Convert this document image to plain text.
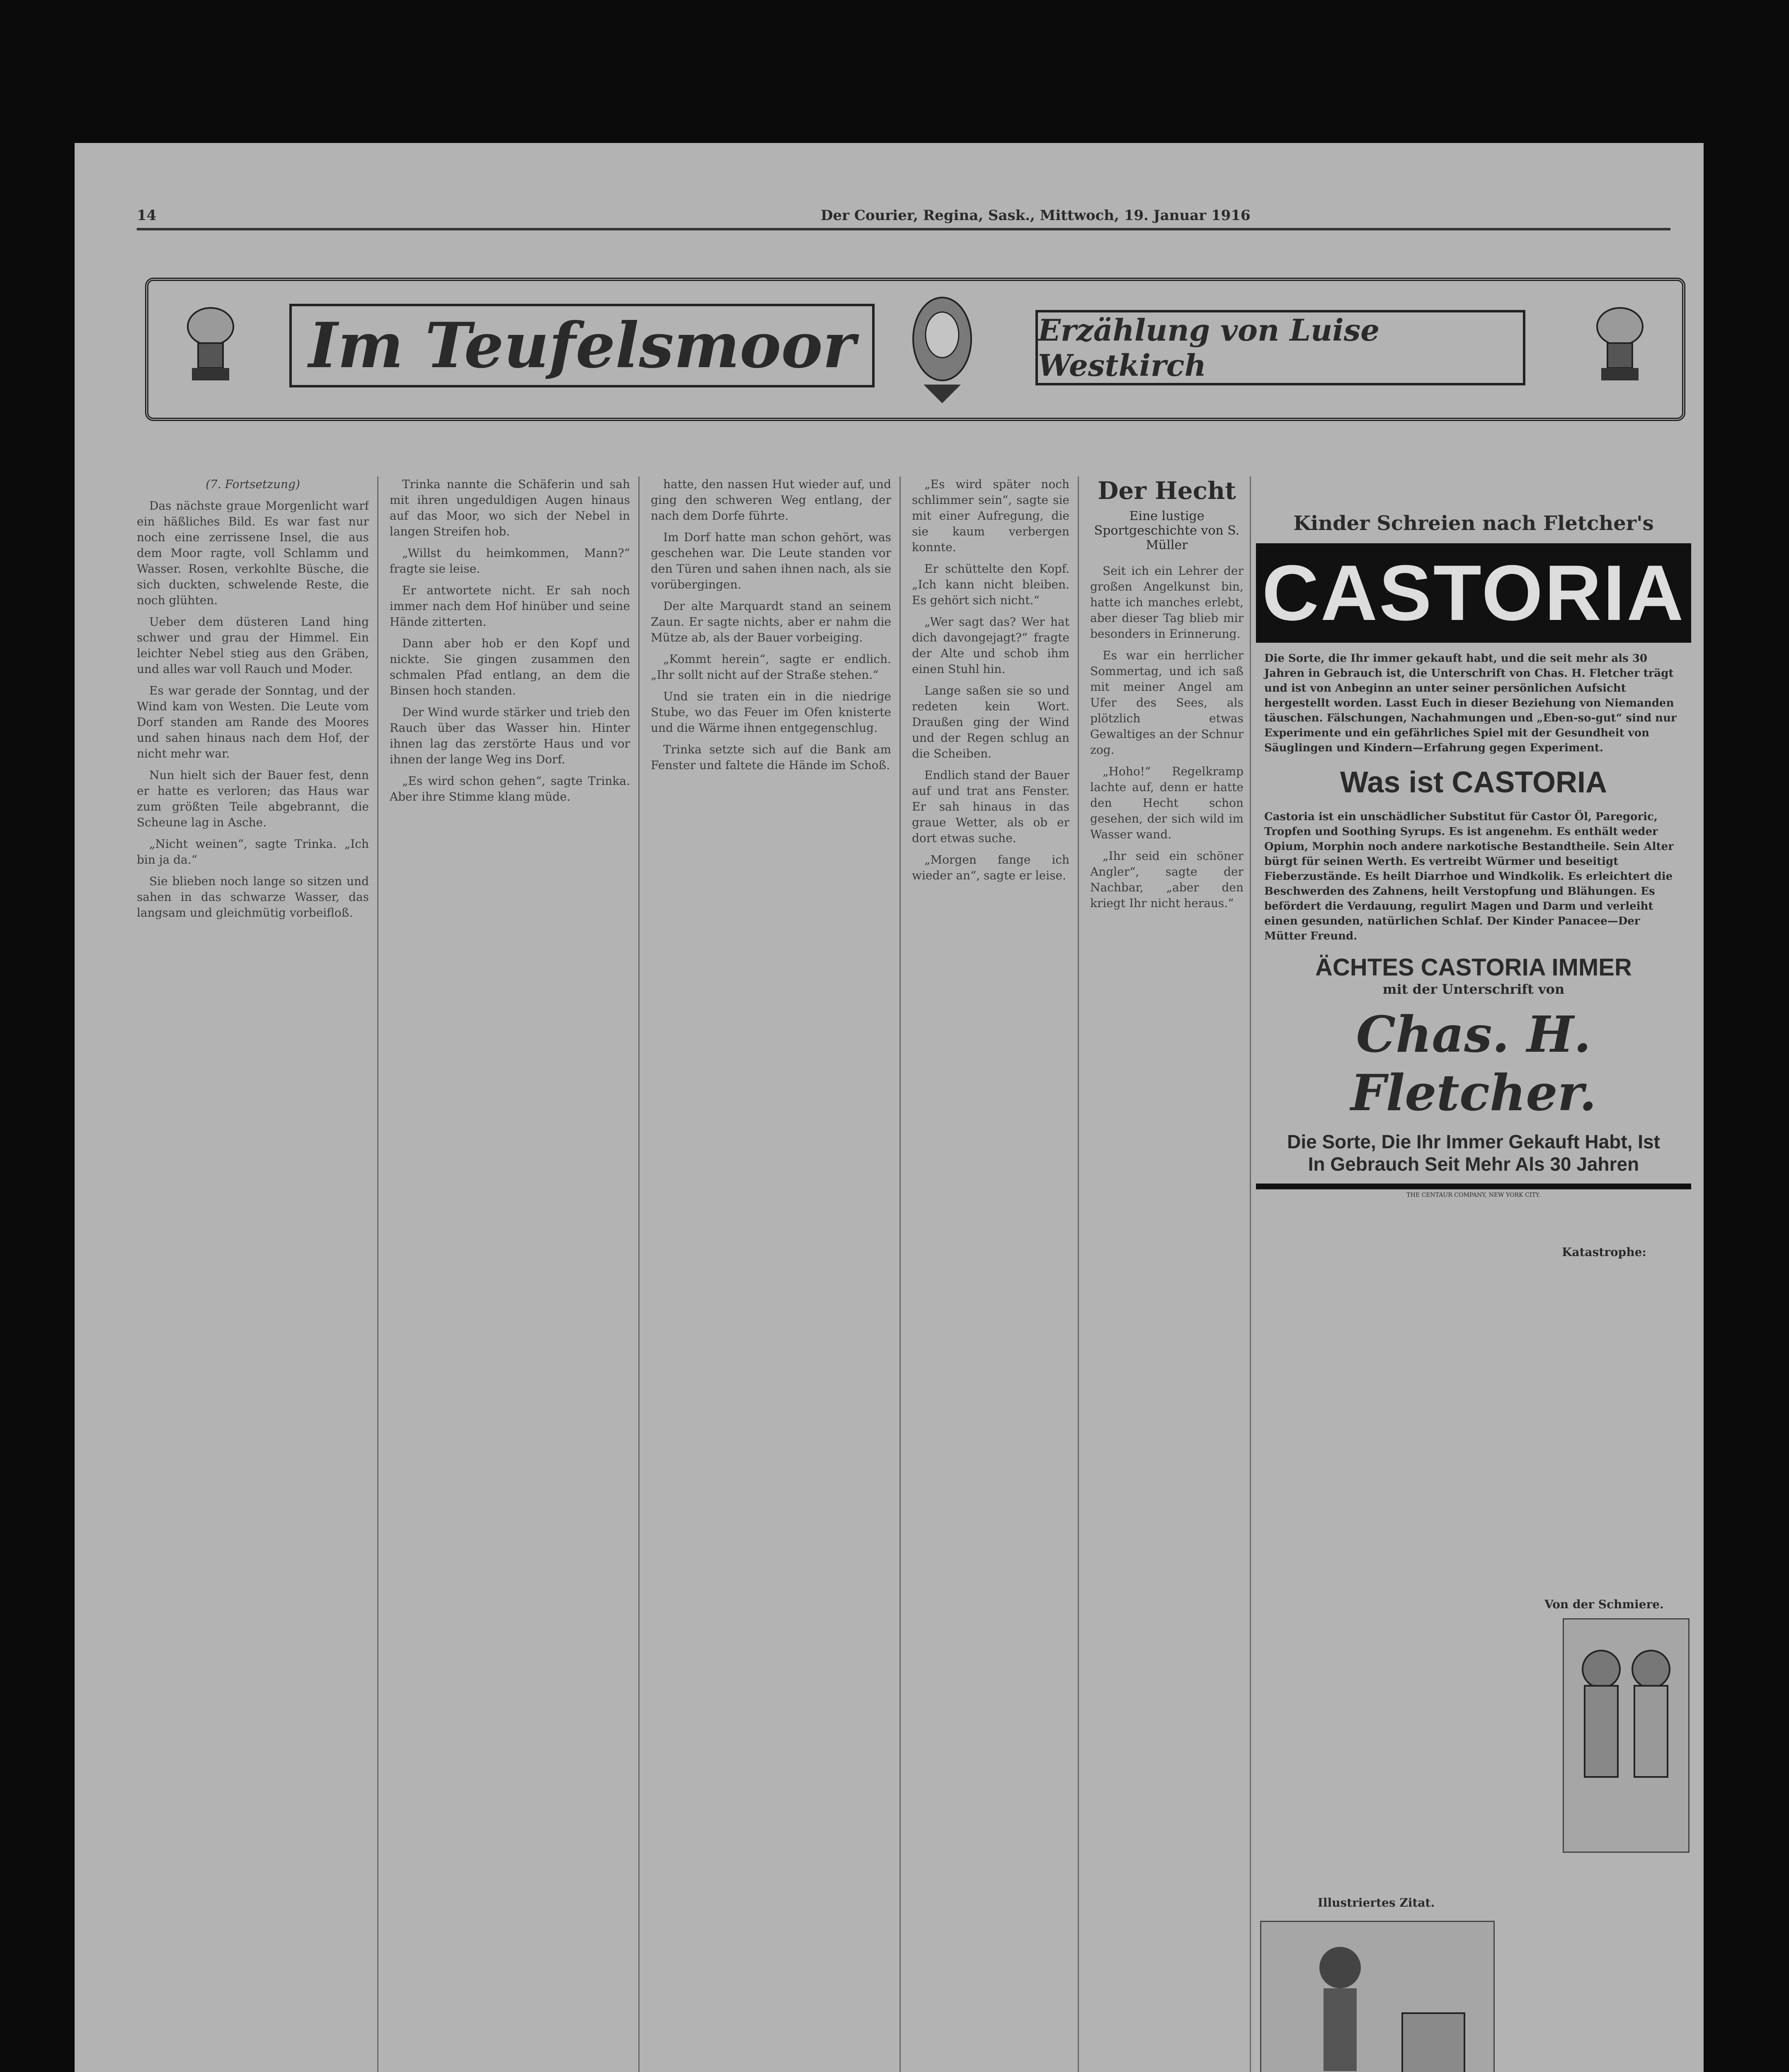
14	Der Courier, Regina, Sask., Mittwoch, 19. Januar 1916
Im Teufelsmoor	Erzählung von Luise Westkirch

(7. Fortsetzung)

Das nächste graue Morgenlicht warf ein häßliches Bild. Es war fast nur noch eine zerrissene Insel, die aus dem Moor ragte, voll Schlamm und Wasser. Rosen, verkohlte Büsche, die sich duckten, schwelende Reste, die noch glühten.

Ueber dem düsteren Land hing schwer und grau der Himmel. Ein leichter Nebel stieg aus den Gräben, und alles war voll Rauch und Moder.

Es war gerade der Sonntag, und der Wind kam von Westen. Die Leute vom Dorf standen am Rande des Moores und sahen hinaus nach dem Hof, der nicht mehr war.

Nun hielt sich der Bauer fest, denn er hatte es verloren; das Haus war zum größten Teile abgebrannt, die Scheune lag in Asche.

„Nicht weinen“, sagte Trinka. „Ich bin ja da.“

Sie blieben noch lange so sitzen und sahen in das schwarze Wasser, das langsam und gleichmütig vorbeifloß.

Trinka nannte die Schäferin und sah mit ihren ungeduldigen Augen hinaus auf das Moor, wo sich der Nebel in langen Streifen hob.

„Willst du heimkommen, Mann?“ fragte sie leise.

Er antwortete nicht. Er sah noch immer nach dem Hof hinüber und seine Hände zitterten.

Dann aber hob er den Kopf und nickte. Sie gingen zusammen den schmalen Pfad entlang, an dem die Binsen hoch standen.

Der Wind wurde stärker und trieb den Rauch über das Wasser hin. Hinter ihnen lag das zerstörte Haus und vor ihnen der lange Weg ins Dorf.

„Es wird schon gehen“, sagte Trinka. Aber ihre Stimme klang müde.

hatte, den nassen Hut wieder auf, und ging den schweren Weg entlang, der nach dem Dorfe führte.

Im Dorf hatte man schon gehört, was geschehen war. Die Leute standen vor den Türen und sahen ihnen nach, als sie vorübergingen.

Der alte Marquardt stand an seinem Zaun. Er sagte nichts, aber er nahm die Mütze ab, als der Bauer vorbeiging.

„Kommt herein“, sagte er endlich. „Ihr sollt nicht auf der Straße stehen.“

Und sie traten ein in die niedrige Stube, wo das Feuer im Ofen knisterte und die Wärme ihnen entgegenschlug.

Trinka setzte sich auf die Bank am Fenster und faltete die Hände im Schoß.

„Es wird später noch schlimmer sein“, sagte sie mit einer Aufregung, die sie kaum verbergen konnte.

Er schüttelte den Kopf. „Ich kann nicht bleiben. Es gehört sich nicht.“

„Wer sagt das? Wer hat dich davongejagt?“ fragte der Alte und schob ihm einen Stuhl hin.

Lange saßen sie so und redeten kein Wort. Draußen ging der Wind und der Regen schlug an die Scheiben.

Endlich stand der Bauer auf und trat ans Fenster. Er sah hinaus in das graue Wetter, als ob er dort etwas suche.

„Morgen fange ich wieder an“, sagte er leise.

Der Hecht
Eine lustige Sportgeschichte von S. Müller

Seit ich ein Lehrer der großen Angelkunst bin, hatte ich manches erlebt, aber dieser Tag blieb mir besonders in Erinnerung.

Es war ein herrlicher Sommertag, und ich saß mit meiner Angel am Ufer des Sees, als plötzlich etwas Gewaltiges an der Schnur zog.

„Hoho!“ Regelkramp lachte auf, denn er hatte den Hecht schon gesehen, der sich wild im Wasser wand.

„Ihr seid ein schöner Angler“, sagte der Nachbar, „aber den kriegt Ihr nicht heraus.“

Kinder Schreien nach Fletcher's
CASTORIA
Die Sorte, die Ihr immer gekauft habt, und die seit mehr als 30 Jahren in Gebrauch ist, die Unterschrift von Chas. H. Fletcher trägt und ist von Anbeginn an unter seiner persönlichen Aufsicht hergestellt worden. Lasst Euch in dieser Beziehung von Niemanden täuschen. Fälschungen, Nachahmungen und „Eben-so-gut“ sind nur Experimente und ein gefährliches Spiel mit der Gesundheit von Säuglingen und Kindern—Erfahrung gegen Experiment.
Was ist CASTORIA
Castoria ist ein unschädlicher Substitut für Castor Öl, Paregoric, Tropfen und Soothing Syrups. Es ist angenehm. Es enthält weder Opium, Morphin noch andere narkotische Bestandtheile. Sein Alter bürgt für seinen Werth. Es vertreibt Würmer und beseitigt Fieberzustände. Es heilt Diarrhoe und Windkolik. Es erleichtert die Beschwerden des Zahnens, heilt Verstopfung und Blähungen. Es befördert die Verdauung, regulirt Magen und Darm und verleiht einen gesunden, natürlichen Schlaf. Der Kinder Panacee—Der Mütter Freund.
ÄCHTES CASTORIA IMMER
mit der Unterschrift von
Chas. H. Fletcher.
Die Sorte, Die Ihr Immer Gekauft Habt, Ist
In Gebrauch Seit Mehr Als 30 Jahren
THE CENTAUR COMPANY, NEW YORK CITY.
Katastrophe:
Von der Schmiere.
Illustriertes Zitat.
